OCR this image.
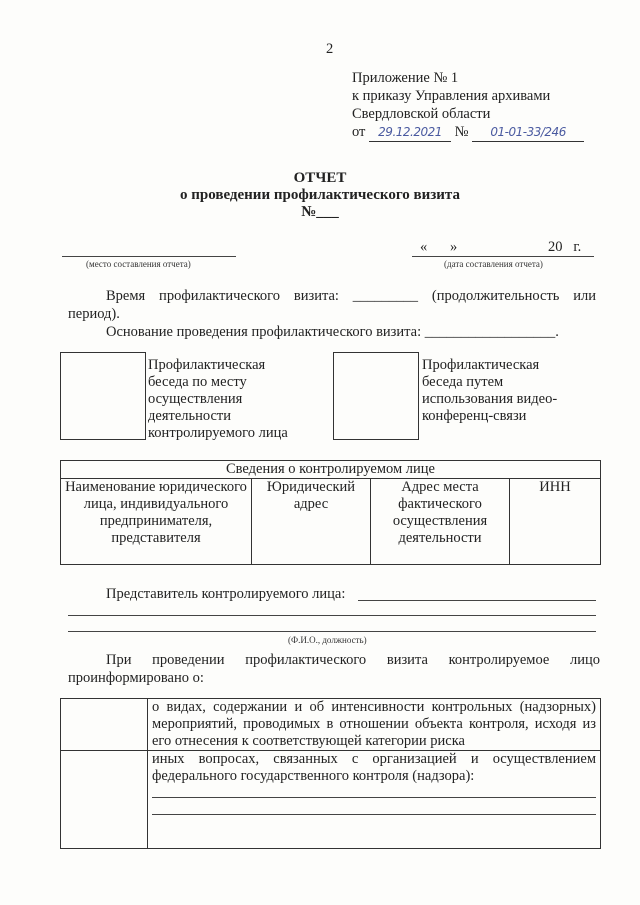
2
Приложение № 1
к приказу Управления архивами
Свердловской области
от 29.12.2021 № 01-01-33/246
ОТЧЕТ
о проведении профилактического визита
№___
(место составления отчета)
« »	20   г.
(дата составления отчета)
Время профилактического визита: _________ (продолжительность или
период).
Основание проведения профилактического визита: __________________.
Профилактическая беседа по месту осуществления деятельности контролируемого лица
Профилактическая беседа путем использования видео-конференц-связи
Сведения о контролируемом лице
Наименование юридического лица, индивидуального предпринимателя, представителя	Юридический адрес	Адрес места фактического осуществления деятельности	ИНН
Представитель контролируемого лица:
(Ф.И.О., должность)
При проведении профилактического визита контролируемое лицо
проинформировано о:
	о видах, содержании и об интенсивности контрольных (надзорных) мероприятий, проводимых в отношении объекта контроля, исходя из его отнесения к соответствующей категории риска

	иных вопросах, связанных с организацией и осуществлением федерального государственного контроля (надзора):
